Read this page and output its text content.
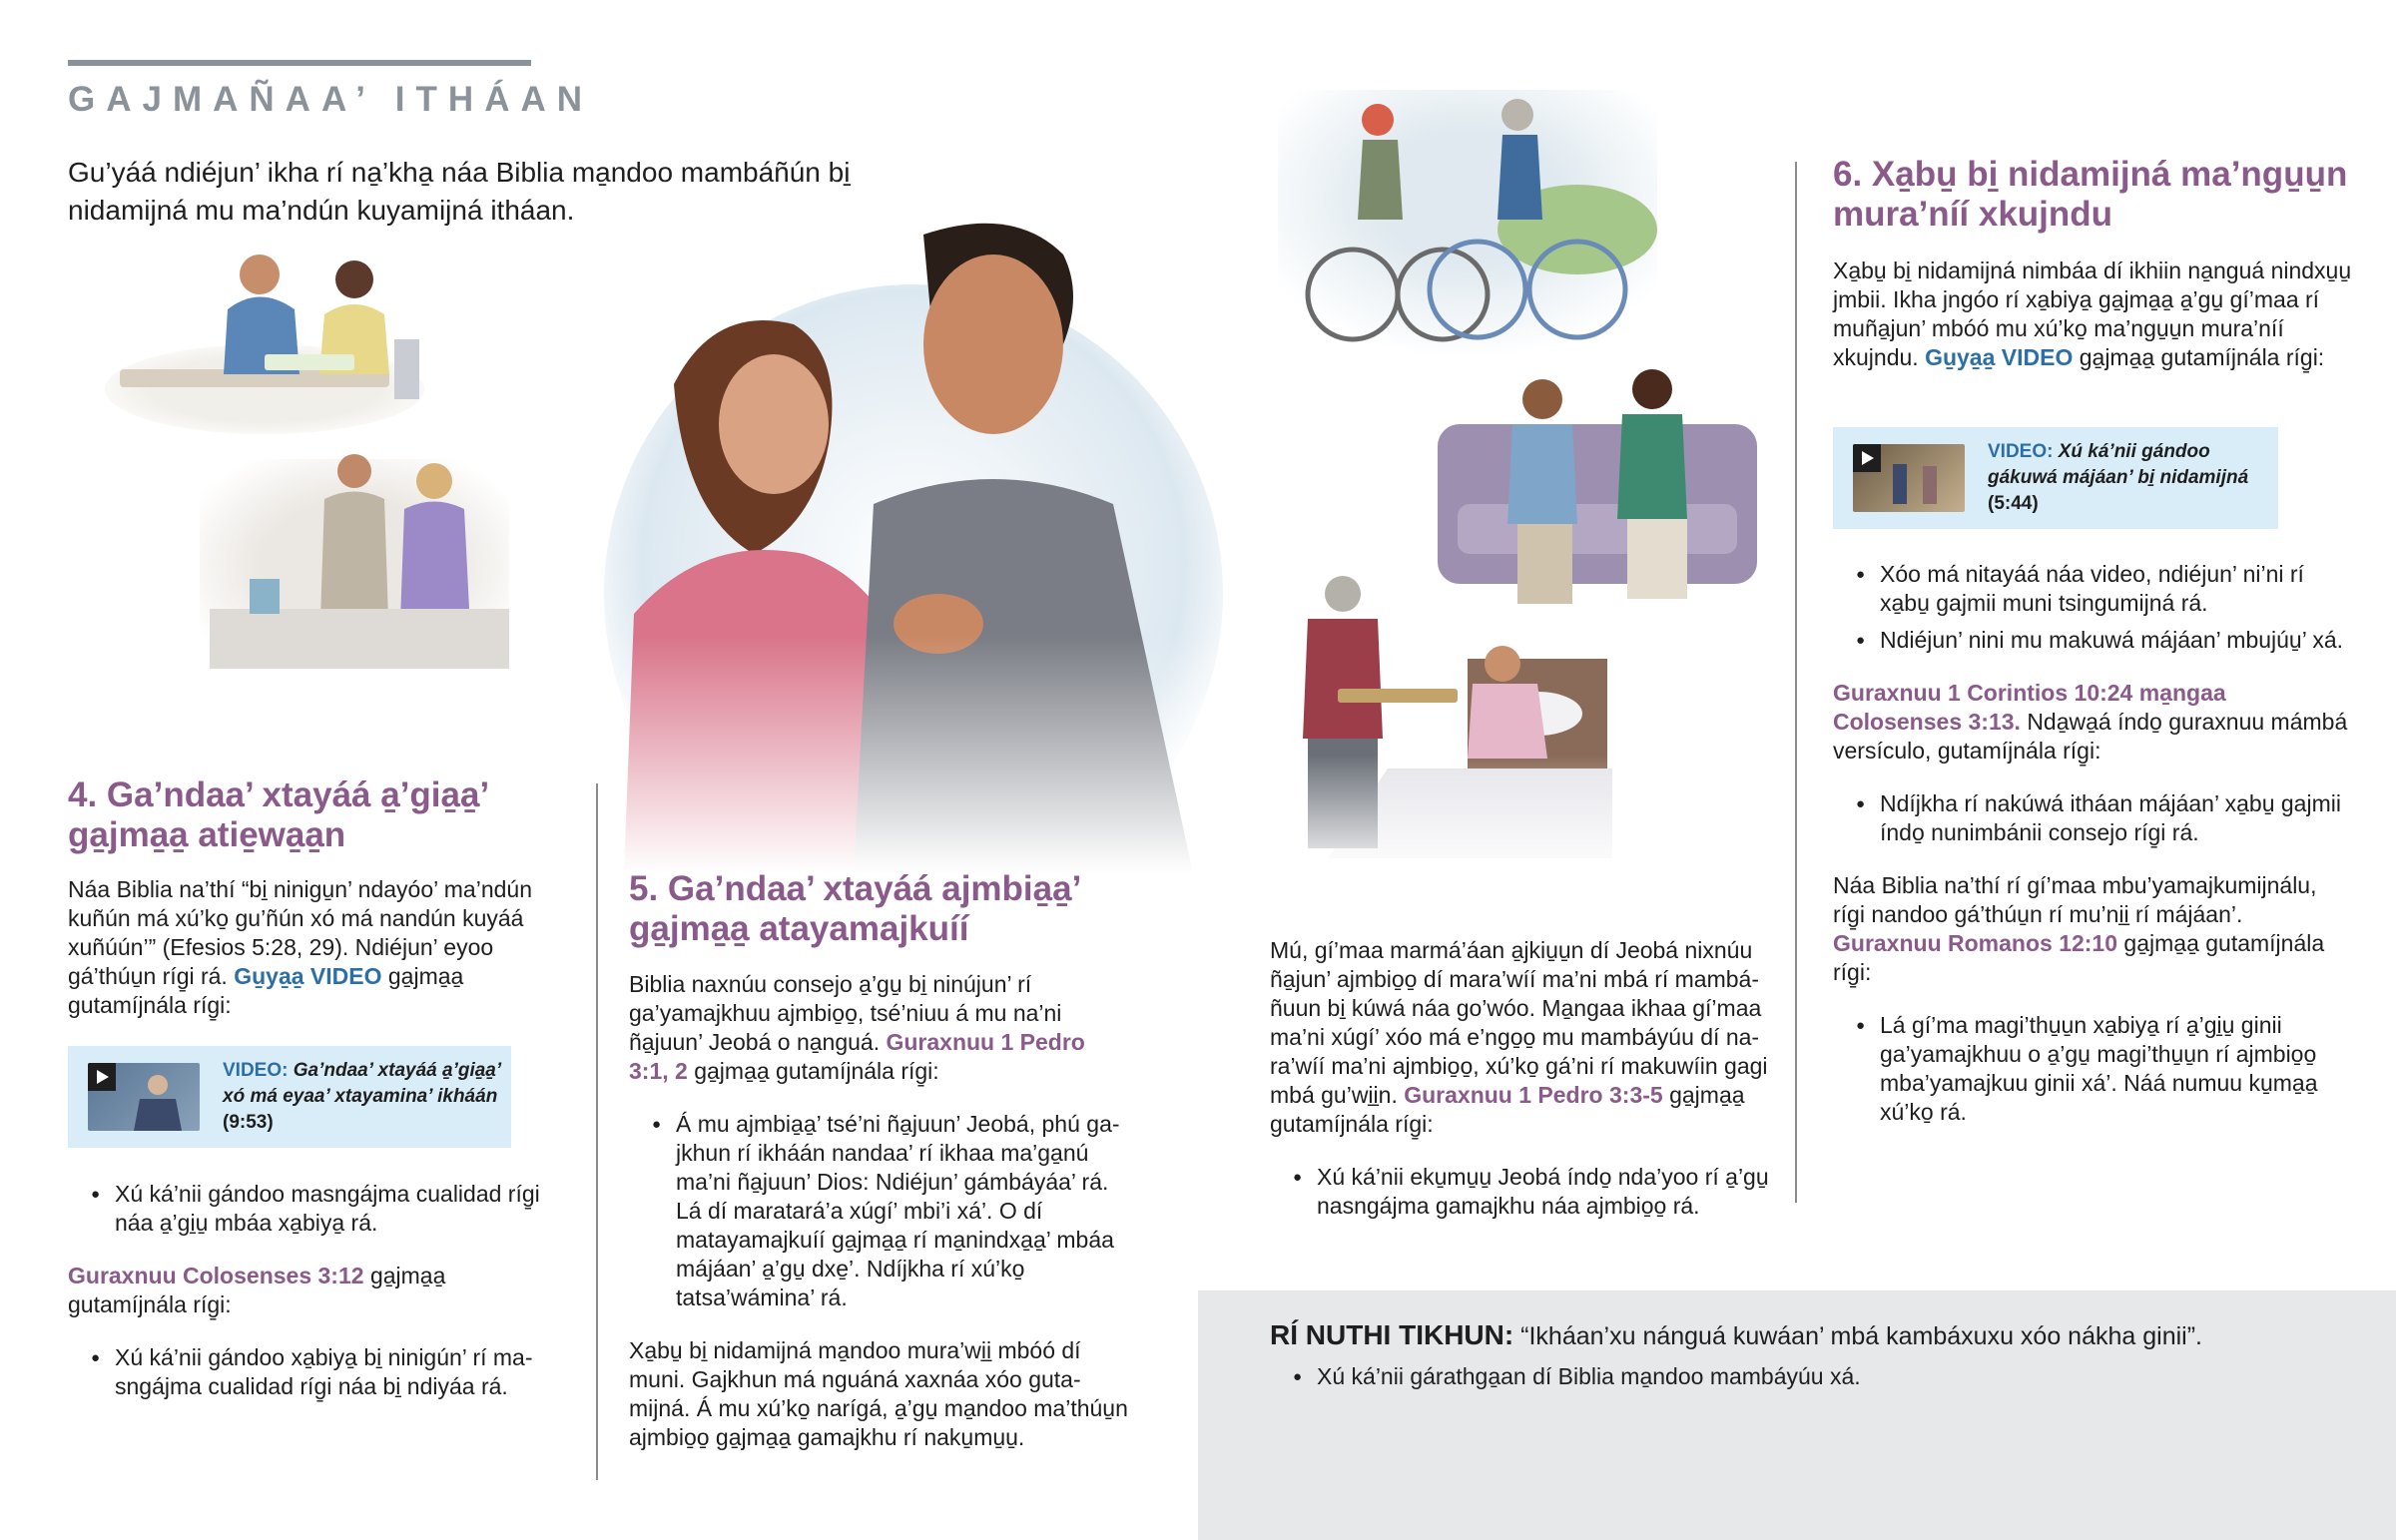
GAJMAÑAA’ ITHÁAN
Gu’yáá ndiéjun’ ikha rí na̱’kha̱ náa Biblia ma̱ndoo mambáñún bi̱ nidamijná mu ma’ndún kuyamijná itháan.
4. Ga’ndaa’ xtayáá a̱’gia̱a̱’ ga̱jma̱a̱ atie̱wa̱a̱n

Náa Biblia na’thí “bi̱ ninigu̱n’ ndayóo’ ma’ndún kuñún má xú’ko̱ gu’ñún xó má nandún kuyáá xuñúún’” (Efesios 5:28, 29). Ndiéjun’ eyoo gá’thúu̱n ríg̱i rá. Gu̱ya̱a̱ VIDEO ga̱jma̱a̱ gutamíjnála ríg̱i:

VIDEO: Ga’ndaa’ xtayáá a̱’gia̱a̱’ xó má eyaa’ xtayamina’ ikháán
(9:53)
● Xú ká’nii gándoo masngájma cualidad ríg̱i náa a̱’gi̱u̱ mbáa xa̱biya̱ rá.

Guraxnuu Colosenses 3:12 ga̱jma̱a̱ gutamíjnála ríg̱i:

● Xú ká’nii gándoo xa̱biya̱ bi̱ ninigún’ rí masngájma cualidad ríg̱i náa bi̱ ndiyáa rá.
5. Ga’ndaa’ xtayáá ajmbia̱a̱’ ga̱jma̱a̱ atayamajkuíí

Biblia naxnúu consejo a̱’gu̱ bi̱ ninújun’ rí ga’yamajkhuu ajmbio̱o̱, tsé’niuu á mu na’ni ña̱juun’ Jeobá o na̱nguá. Guraxnuu 1 Pedro 3:1, 2 ga̱jma̱a̱ gutamíjnála ríg̱i:

● Á mu ajmbia̱a̱’ tsé’ni ña̱juun’ Jeobá, phú gajkhun rí ikháán nandaa’ rí ikhaa ma’ga̱nú ma’ni ña̱juun’ Dios: Ndiéjun’ gámbáyáa’ rá. Lá dí maratará’a xúgí’ mbi’i xá’. O dí matayamajkuíí ga̱jma̱a̱ rí ma̱nindxa̱a̱’ mbáa májáan’ a̱’gu̱ dxe̱’. Ndíjkha rí xú’ko̱ tatsa’wámina’ rá.

Xa̱bu̱ bi̱ nidamijná ma̱ndoo mura’wi̱i̱ mbóó dí muni. Gajkhun má nguáná xaxnáa xóo gutamijná. Á mu xú’ko̱ narígá, a̱’gu̱ ma̱ndoo ma’thúu̱n ajmbio̱o̱ ga̱jma̱a̱ gamajkhu rí naku̱mu̱u̱.

Mú, gí’maa marmá’áan a̱jkiu̱u̱n dí Jeobá nixnúu ña̱jun’ ajmbio̱o̱ dí mara’wíí ma’ni mbá rí mambáñuun bi̱ kúwá náa go’wóo. Ma̱ngaa ikhaa gí’maa ma’ni xúgí’ xóo má e’ngo̱o̱ mu mambáyúu dí nara’wíí ma’ni ajmbio̱o̱, xú’ko̱ gá’ni rí makuwíin gagi mbá gu’wi̱i̱n. Guraxnuu 1 Pedro 3:3-5 ga̱jma̱a̱ gutamíjnála ríg̱i:

● Xú ká’nii eku̱mu̱u̱ Jeobá índo̱ nda’yoo rí a̱’gu̱ nasngájma gamajkhu náa ajmbio̱o̱ rá.
6. Xa̱bu̱ bi̱ nidamijná ma’ngu̱u̱n mura’níí xkujndu

Xa̱bu̱ bi̱ nidamijná nimbáa dí ikhiin na̱nguá nindxu̱u̱ jmbii. Ikha jngóo rí xa̱biya̱ ga̱jma̱a̱ a̱’gu̱ gí’maa rí muña̱jun’ mbóó mu xú’ko̱ ma’ngu̱u̱n mura’níí xkujndu. Gu̱ya̱a̱ VIDEO ga̱jma̱a̱ gutamíjnála ríg̱i:

VIDEO: Xú ká’nii gándoo gákuwá májáan’ bi̱ nidamijná
(5:44)
● Xóo má nitayáá náa video, ndiéjun’ ni’ni rí xa̱bu̱ gajmii muni tsingumijná rá.
● Ndiéjun’ nini mu makuwá májáan’ mbujúu̱’ xá.

Guraxnuu 1 Corintios 10:24 ma̱ngaa Colosenses 3:13. Nda̱wa̱á índo̱ guraxnuu mámbá versículo, gutamíjnála ríg̱i:

● Ndíjkha rí nakúwá itháan májáan’ xa̱bu̱ gajmii índo̱ nunimbánii consejo ríg̱i rá.

Náa Biblia na’thí rí gí’maa mbu’yamajkumijnálu, ríg̱i nandoo gá’thúu̱n rí mu’ni̱i̱ rí májáan’. Guraxnuu Romanos 12:10 ga̱jma̱a̱ gutamíjnála ríg̱i:

● Lá gí’ma magi’thu̱u̱n xa̱biya̱ rí a̱’gi̱u̱ ginii ga’yamajkhuu o a̱’gu̱ magi’thu̱u̱n rí ajmbio̱o̱ mba’yamajkuu ginii xá’. Náá numuu ku̱ma̱a̱ xú’ko̱ rá.

RÍ NUTHI TIKHUN: “Ikháan’xu nánguá kuwáan’ mbá kambáxuxu xóo nákha ginii”.

● Xú ká’nii gárathga̱an dí Biblia ma̱ndoo mambáyúu xá.
